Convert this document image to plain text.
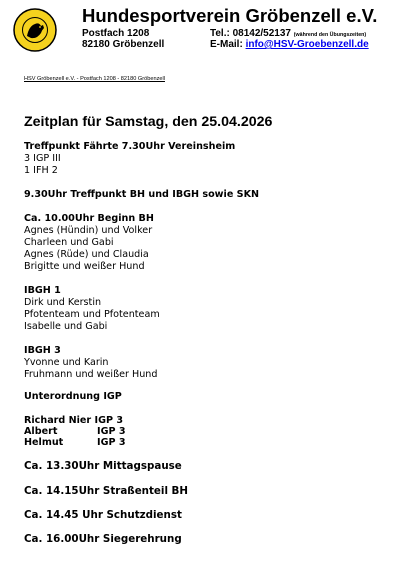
Hundesportverein Gröbenzell e.V.
Postfach 1208
82180 Gröbenzell
Tel.: 08142/52137 (während den Übungszeiten)
E-Mail: info@HSV-Groebenzell.de
HSV Gröbenzell e.V. - Postfach 1208 - 82180 Gröbenzell
Zeitplan für Samstag, den 25.04.2026
Treffpunkt Fährte 7.30Uhr Vereinsheim
3 IGP III
1 IFH 2
9.30Uhr Treffpunkt BH und IBGH sowie SKN
Ca. 10.00Uhr Beginn BH
Agnes (Hündin) und Volker
Charleen und Gabi
Agnes (Rüde) und Claudia
Brigitte und weißer Hund
IBGH 1
Dirk und Kerstin
Pfotenteam und Pfotenteam
Isabelle und Gabi
IBGH 3
Yvonne und Karin
Fruhmann und weißer Hund
Unterordnung IGP
Richard Nier IGP 3
Albert	IGP 3
Helmut	IGP 3
Ca. 13.30Uhr Mittagspause
Ca. 14.15Uhr Straßenteil BH
Ca. 14.45 Uhr Schutzdienst
Ca. 16.00Uhr Siegerehrung
